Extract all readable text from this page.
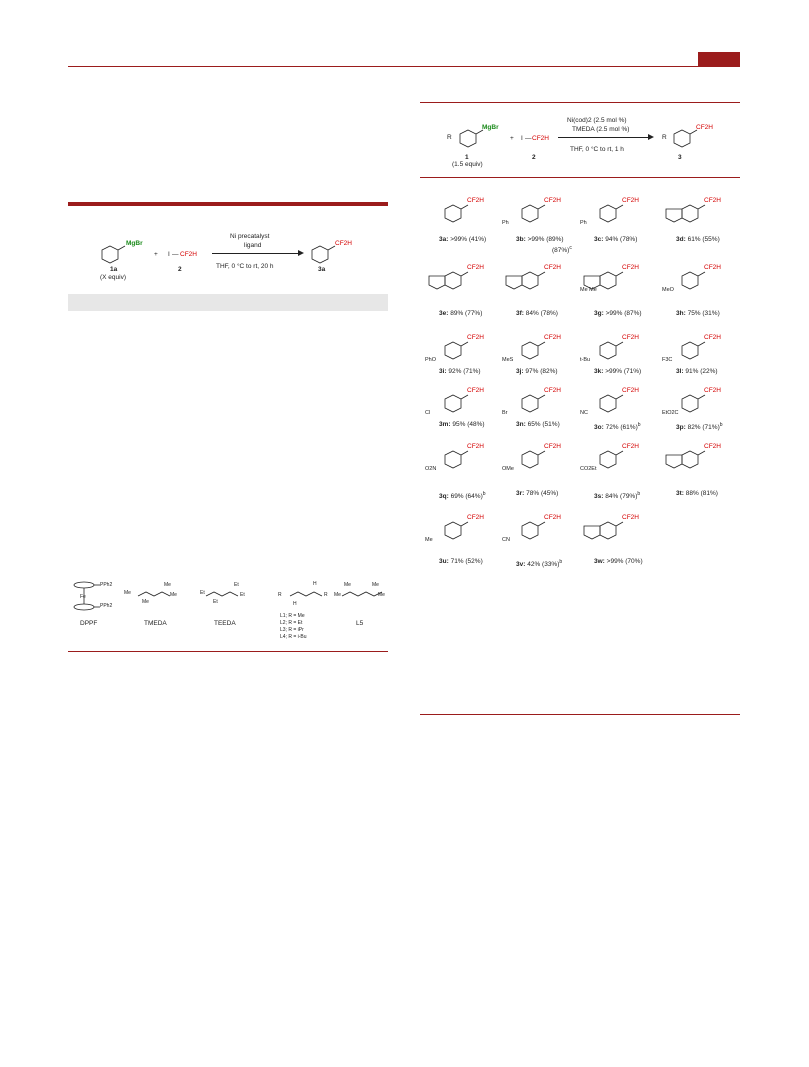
MgBr
1a
(X equiv)
+ I — CF2H
2
Ni precatalyst
ligand
THF, 0 °C to rt, 20 h
CF2H
3a
PPh2
Fe
PPh2
DPPF
Me
Me
Me
Me
TMEDA
Et
Et
Et
Et
TEEDA
R
H
H
R
L1; R = Me
L2; R = Et
L3; R = iPr
L4; R = i-Bu
Me
Me	Me
Me
L5
R
MgBr
1
(1.5 equiv)
+ I — CF2H
2
Ni(cod)2 (2.5 mol %)
TMEDA (2.5 mol %)
THF, 0 °C to rt, 1 h
R
CF2H
3
CF2H
3a: >99% (41%)
CF2H
Ph
3b: >99% (89%)
$(87\%)^c$
CF2H
Ph
3c: 94% (78%)
CF2H
3d: 61% (55%)
CF2H
3e: 89% (77%)
CF2H
3f: 84% (78%)
CF2H
Me Me
3g: >99% (87%)
CF2H
MeO
3h: 75% (31%)
CF2H
PhO
3i: 92% (71%)
CF2H
MeS
3j: 97% (82%)
CF2H
t-Bu
3k: >99% (71%)
CF2H
F3C
3l: 91% (22%)
CF2H
Cl
3m: 95% (48%)
CF2H
Br
3n: 65% (51%)
CF2H
NC
3o: 72% $(61\%)^b$
CF2H
EtO2C
3p: 82% $(71\%)^b$
CF2H
O2N
3q: 69% $(64\%)^b$
CF2H
OMe
3r: 78% (45%)
CF2H
CO2Et
3s: 84% $(79\%)^b$
CF2H
3t: 88% (81%)
CF2H
Me
3u: 71% (52%)
CF2H
CN
3v: 42% $(33\%)^b$
CF2H
3w: >99% (70%)
